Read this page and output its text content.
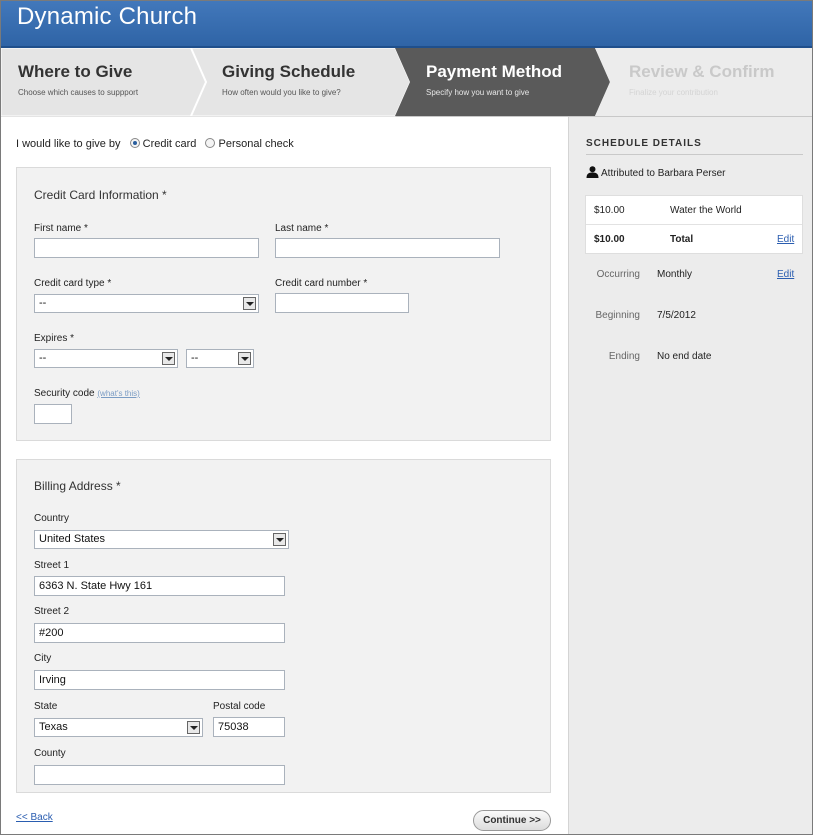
Dynamic Church
Where to Give
Choose which causes to suppport
Giving Schedule
How often would you like to give?
Payment Method
Specify how you want to give
Review & Confirm
Finalize your contribution
I would like to give by Credit card Personal check
Credit Card Information *
First name *	Last name *
Credit card type *
--
Credit card number *
Expires *
--	--
Security code (what's this)
Billing Address *
Country
United States
Street 1
6363 N. State Hwy 161
Street 2
#200
City
Irving
State
Texas
Postal code
75038
County
<< Back	Continue >>
SCHEDULE DETAILS
Attributed to Barbara Perser
$10.00	Water the World
$10.00	Total	Edit
Occurring Monthly	Edit
Beginning 7/5/2012
Ending No end date
